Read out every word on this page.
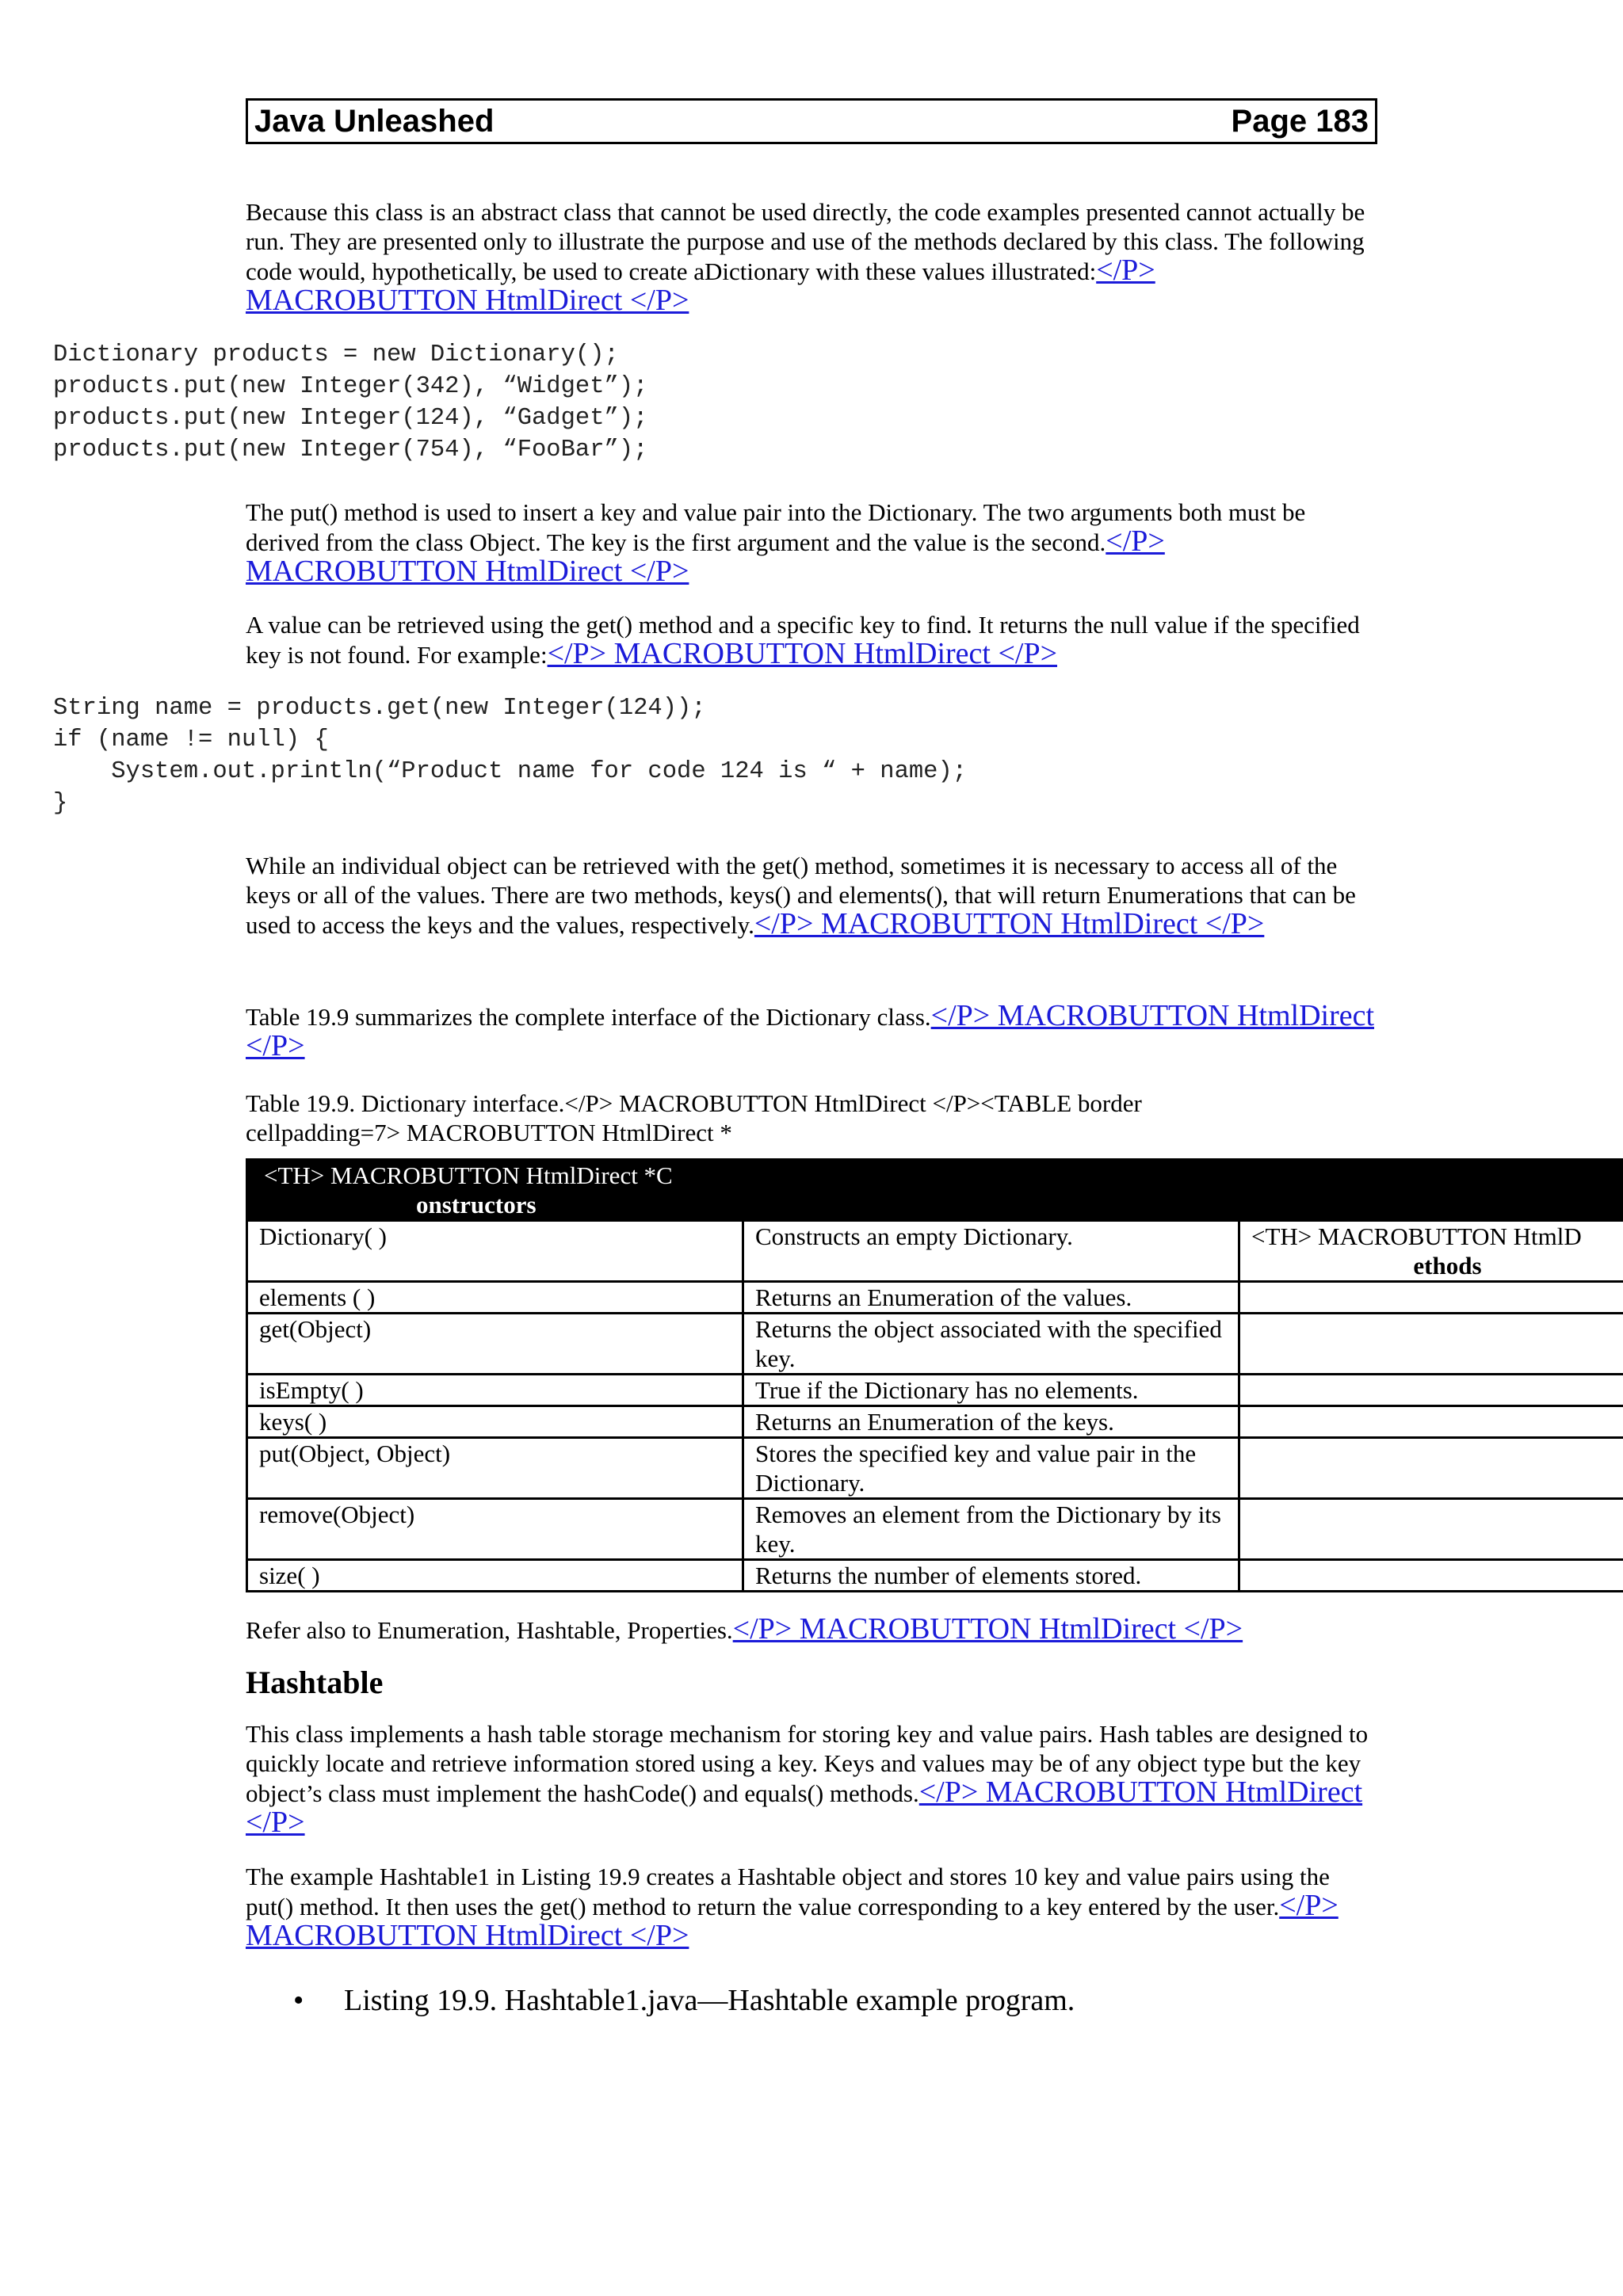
Java Unleashed	Page 183

Because this class is an abstract class that cannot be used directly, the code examples presented cannot actually be run. They are presented only to illustrate the purpose and use of the methods declared by this class. The following code would, hypothetically, be used to create aDictionary with these values illustrated:</P> MACROBUTTON HtmlDirect </P>

Dictionary products = new Dictionary();
products.put(new Integer(342), “Widget”);
products.put(new Integer(124), “Gadget”);
products.put(new Integer(754), “FooBar”);

The put() method is used to insert a key and value pair into the Dictionary. The two arguments both must be derived from the class Object. The key is the first argument and the value is the second.</P> MACROBUTTON HtmlDirect </P>

A value can be retrieved using the get() method and a specific key to find. It returns the null value if the specified key is not found. For example:</P> MACROBUTTON HtmlDirect </P>

String name = products.get(new Integer(124));
if (name != null) {
System.out.println(“Product name for code 124 is “ + name);
}

While an individual object can be retrieved with the get() method, sometimes it is necessary to access all of the keys or all of the values. There are two methods, keys() and elements(), that will return Enumerations that can be used to access the keys and the values, respectively.</P> MACROBUTTON HtmlDirect </P>

Table 19.9 summarizes the complete interface of the Dictionary class.</P> MACROBUTTON HtmlDirect </P>

Table 19.9. Dictionary interface.</P> MACROBUTTON HtmlDirect </P><TABLE border
cellpadding=7> MACROBUTTON HtmlDirect *
<TH> MACROBUTTON HtmlDirect *C
onstructors		

Dictionary( )	Constructs an empty Dictionary.	<TH> MACROBUTTON HtmlD
ethods

elements ( )	Returns an Enumeration of the values.	
get(Object)	Returns the object associated with the specified key.	
isEmpty( )	True if the Dictionary has no elements.	
keys( )	Returns an Enumeration of the keys.	
put(Object, Object)	Stores the specified key and value pair in the Dictionary.	
remove(Object)	Removes an element from the Dictionary by its key.	
size( )	Returns the number of elements stored.	

Refer also to Enumeration, Hashtable, Properties.</P> MACROBUTTON HtmlDirect </P>

Hashtable

This class implements a hash table storage mechanism for storing key and value pairs. Hash tables are designed to quickly locate and retrieve information stored using a key. Keys and values may be of any object type but the key object’s class must implement the hashCode() and equals() methods.</P> MACROBUTTON HtmlDirect </P>

The example Hashtable1 in Listing 19.9 creates a Hashtable object and stores 10 key and value pairs using the put() method. It then uses the get() method to return the value corresponding to a key entered by the user.</P> MACROBUTTON HtmlDirect </P>

• Listing 19.9. Hashtable1.java—Hashtable example program.
